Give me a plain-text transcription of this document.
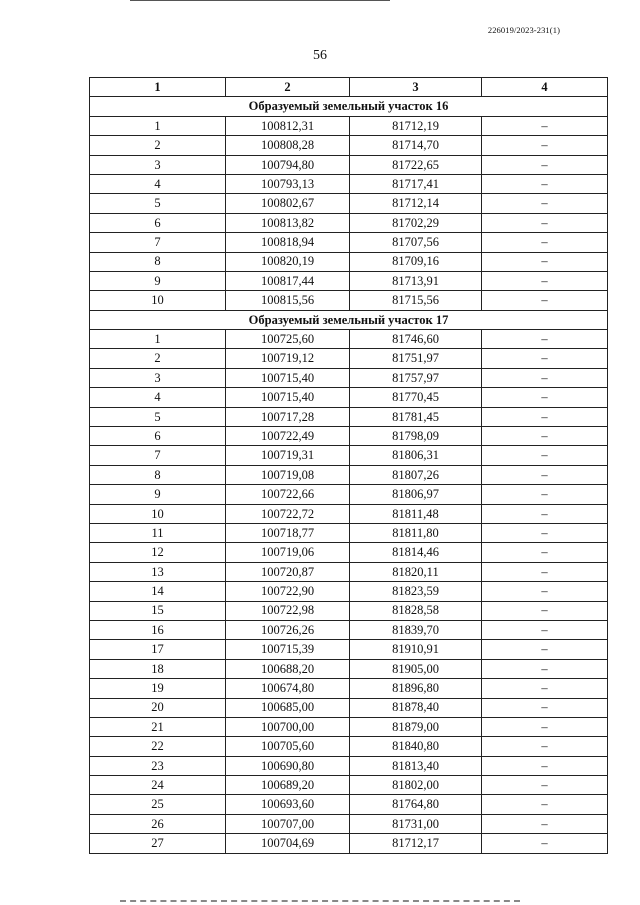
226019/2023-231(1)
56
1	2	3	4
Образуемый земельный участок 16			
1	100812,31	81712,19	–
2	100808,28	81714,70	–
3	100794,80	81722,65	–
4	100793,13	81717,41	–
5	100802,67	81712,14	–
6	100813,82	81702,29	–
7	100818,94	81707,56	–
8	100820,19	81709,16	–
9	100817,44	81713,91	–
10	100815,56	81715,56	–
Образуемый земельный участок 17			
1	100725,60	81746,60	–
2	100719,12	81751,97	–
3	100715,40	81757,97	–
4	100715,40	81770,45	–
5	100717,28	81781,45	–
6	100722,49	81798,09	–
7	100719,31	81806,31	–
8	100719,08	81807,26	–
9	100722,66	81806,97	–
10	100722,72	81811,48	–
11	100718,77	81811,80	–
12	100719,06	81814,46	–
13	100720,87	81820,11	–
14	100722,90	81823,59	–
15	100722,98	81828,58	–
16	100726,26	81839,70	–
17	100715,39	81910,91	–
18	100688,20	81905,00	–
19	100674,80	81896,80	–
20	100685,00	81878,40	–
21	100700,00	81879,00	–
22	100705,60	81840,80	–
23	100690,80	81813,40	–
24	100689,20	81802,00	–
25	100693,60	81764,80	–
26	100707,00	81731,00	–
27	100704,69	81712,17	–
